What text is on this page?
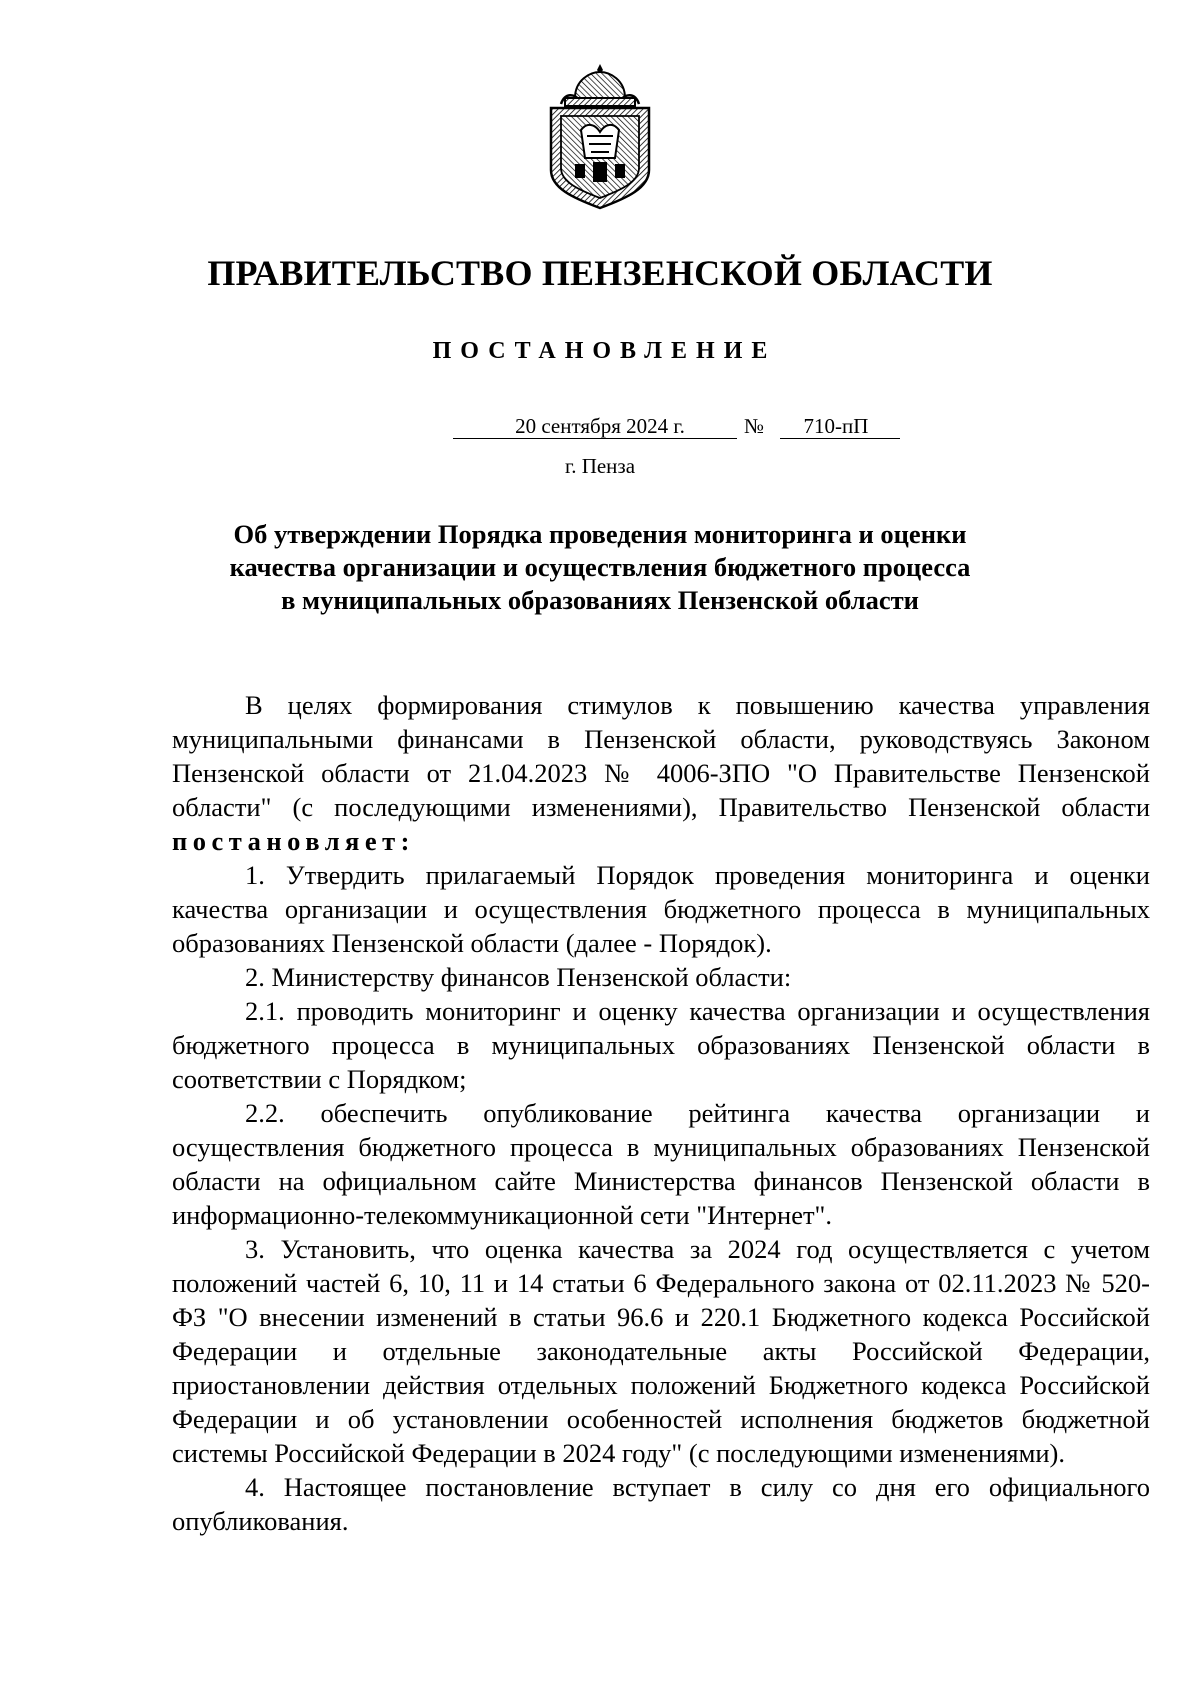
ПРАВИТЕЛЬСТВО ПЕНЗЕНСКОЙ ОБЛАСТИ
ПОСТАНОВЛЕНИЕ
20 сентября 2024 г.	№	710-пП
г. Пенза
Об утверждении Порядка проведения мониторинга и оценки
качества организации и осуществления бюджетного процесса
в муниципальных образованиях Пензенской области

В целях формирования стимулов к повышению качества управления муниципальными финансами в Пензенской области, руководствуясь Законом Пензенской области от 21.04.2023 № 4006-ЗПО "О Правительстве Пензенской области" (с последующими изменениями), Правительство Пензенской области

постановляет:

1. Утвердить прилагаемый Порядок проведения мониторинга и оценки качества организации и осуществления бюджетного процесса в муниципальных образованиях Пензенской области (далее - Порядок).

2. Министерству финансов Пензенской области:

2.1. проводить мониторинг и оценку качества организации и осуществления бюджетного процесса в муниципальных образованиях Пензенской области в соответствии с Порядком;

2.2. обеспечить опубликование рейтинга качества организации и осуществления бюджетного процесса в муниципальных образованиях Пензенской области на официальном сайте Министерства финансов Пензенской области в информационно-телекоммуникационной сети "Интернет".

3. Установить, что оценка качества за 2024 год осуществляется с учетом положений частей 6, 10, 11 и 14 статьи 6 Федерального закона от 02.11.2023 № 520-ФЗ "О внесении изменений в статьи 96.6 и 220.1 Бюджетного кодекса Российской Федерации и отдельные законодательные акты Российской Федерации, приостановлении действия отдельных положений Бюджетного кодекса Российской Федерации и об установлении особенностей исполнения бюджетов бюджетной системы Российской Федерации в 2024 году" (с последующими изменениями).

4. Настоящее постановление вступает в силу со дня его официального опубликования.
